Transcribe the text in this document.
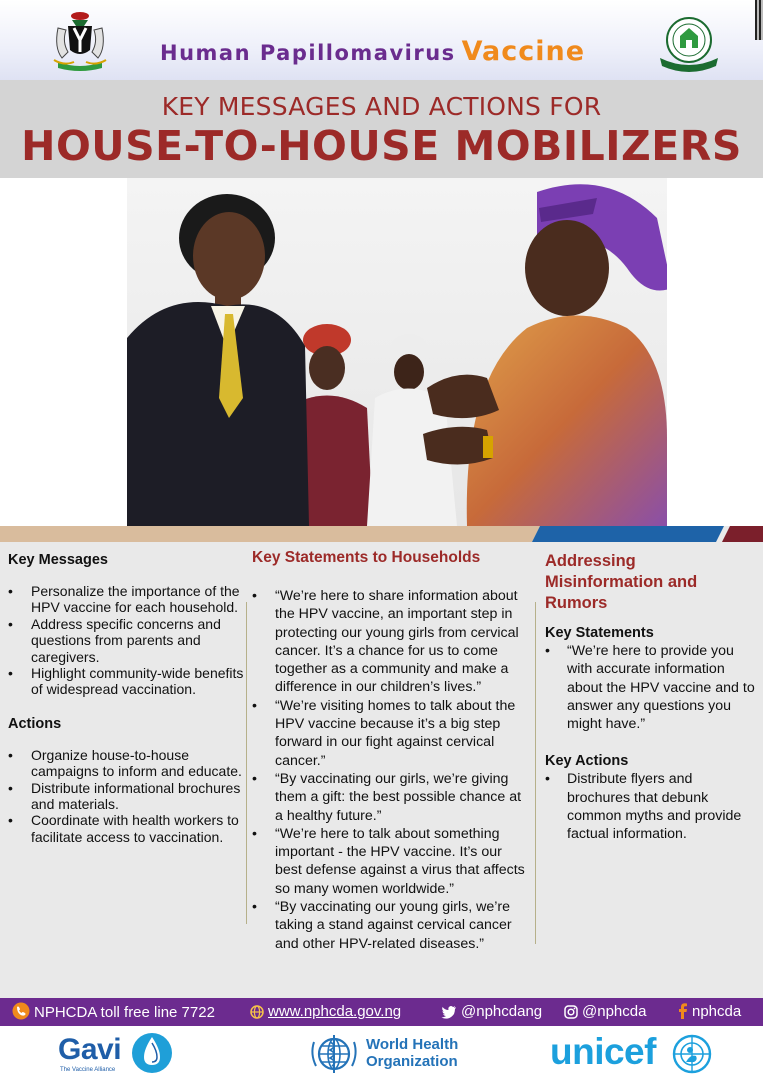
Human Papillomavirus Vaccine
KEY MESSAGES AND ACTIONS FOR
HOUSE-TO-HOUSE MOBILIZERS
Key Messages
• Personalize the importance of the HPV vaccine for each household.
• Address specific concerns and questions from parents and caregivers.
• Highlight community-wide benefits of widespread vaccination.
Actions
• Organize house-to-house campaigns to inform and educate.
• Distribute informational brochures and materials.
• Coordinate with health workers to facilitate access to vaccination.
Key Statements to Households
• “We’re here to share information about the HPV vaccine, an important step in protecting our young girls from cervical cancer. It’s a chance for us to come together as a community and make a difference in our children’s lives.”
• “We’re visiting homes to talk about the HPV vaccine because it’s a big step forward in our fight against cervical cancer.”
• “By vaccinating our girls, we’re giving them a gift: the best possible chance at a healthy future.”
• “We’re here to talk about something important - the HPV vaccine. It’s our best defense against a virus that affects so many women worldwide.”
• “By vaccinating our young girls, we’re taking a stand against cervical cancer and other HPV-related diseases.”
Addressing
Misinformation and
Rumors
Key Statements
• “We’re here to provide you with accurate information about the HPV vaccine and to answer any questions you might have.”
Key Actions
• Distribute flyers and brochures that debunk common myths and provide factual information.
NPHCDA toll free line 7722	www.nphcda.gov.ng	@nphcdang	@nphcda	nphcda
Gavi
The Vaccine Alliance
World Health
Organization unicef
